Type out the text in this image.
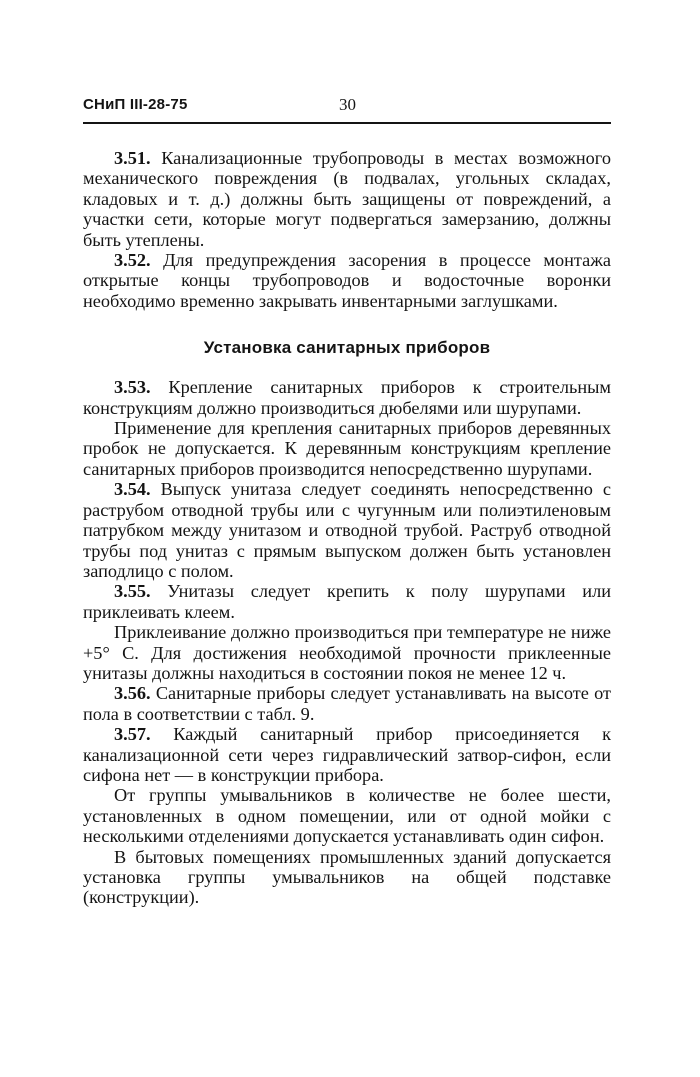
СНиП III-28-75	30

3.51. Канализационные трубопроводы в местах возможного механического повреждения (в подвалах, угольных складах, кладовых и т. д.) должны быть защищены от повреждений, а участки сети, которые могут подвергаться замерзанию, должны быть утеплены.

3.52. Для предупреждения засорения в процессе монтажа открытые концы трубопроводов и водосточные воронки необходимо временно закрывать инвентарными заглушками.

Установка санитарных приборов

3.53. Крепление санитарных приборов к строительным конструкциям должно производиться дюбелями или шурупами.

Применение для крепления санитарных приборов деревянных пробок не допускается. К деревянным конструкциям крепление санитарных приборов производится непосредственно шурупами.

3.54. Выпуск унитаза следует соединять непосредственно с раструбом отводной трубы или с чугунным или полиэтиленовым патрубком между унитазом и отводной трубой. Раструб отводной трубы под унитаз с прямым выпуском должен быть установлен заподлицо с полом.

3.55. Унитазы следует крепить к полу шурупами или приклеивать клеем.

Приклеивание должно производиться при температуре не ниже +5° С. Для достижения необходимой прочности приклеенные унитазы должны находиться в состоянии покоя не менее 12 ч.

3.56. Санитарные приборы следует устанавливать на высоте от пола в соответствии с табл. 9.

3.57. Каждый санитарный прибор присоединяется к канализационной сети через гидравлический затвор-сифон, если сифона нет — в конструкции прибора.

От группы умывальников в количестве не более шести, установленных в одном помещении, или от одной мойки с несколькими отделениями допускается устанавливать один сифон.

В бытовых помещениях промышленных зданий допускается установка группы умывальников на общей подставке (конструкции).
